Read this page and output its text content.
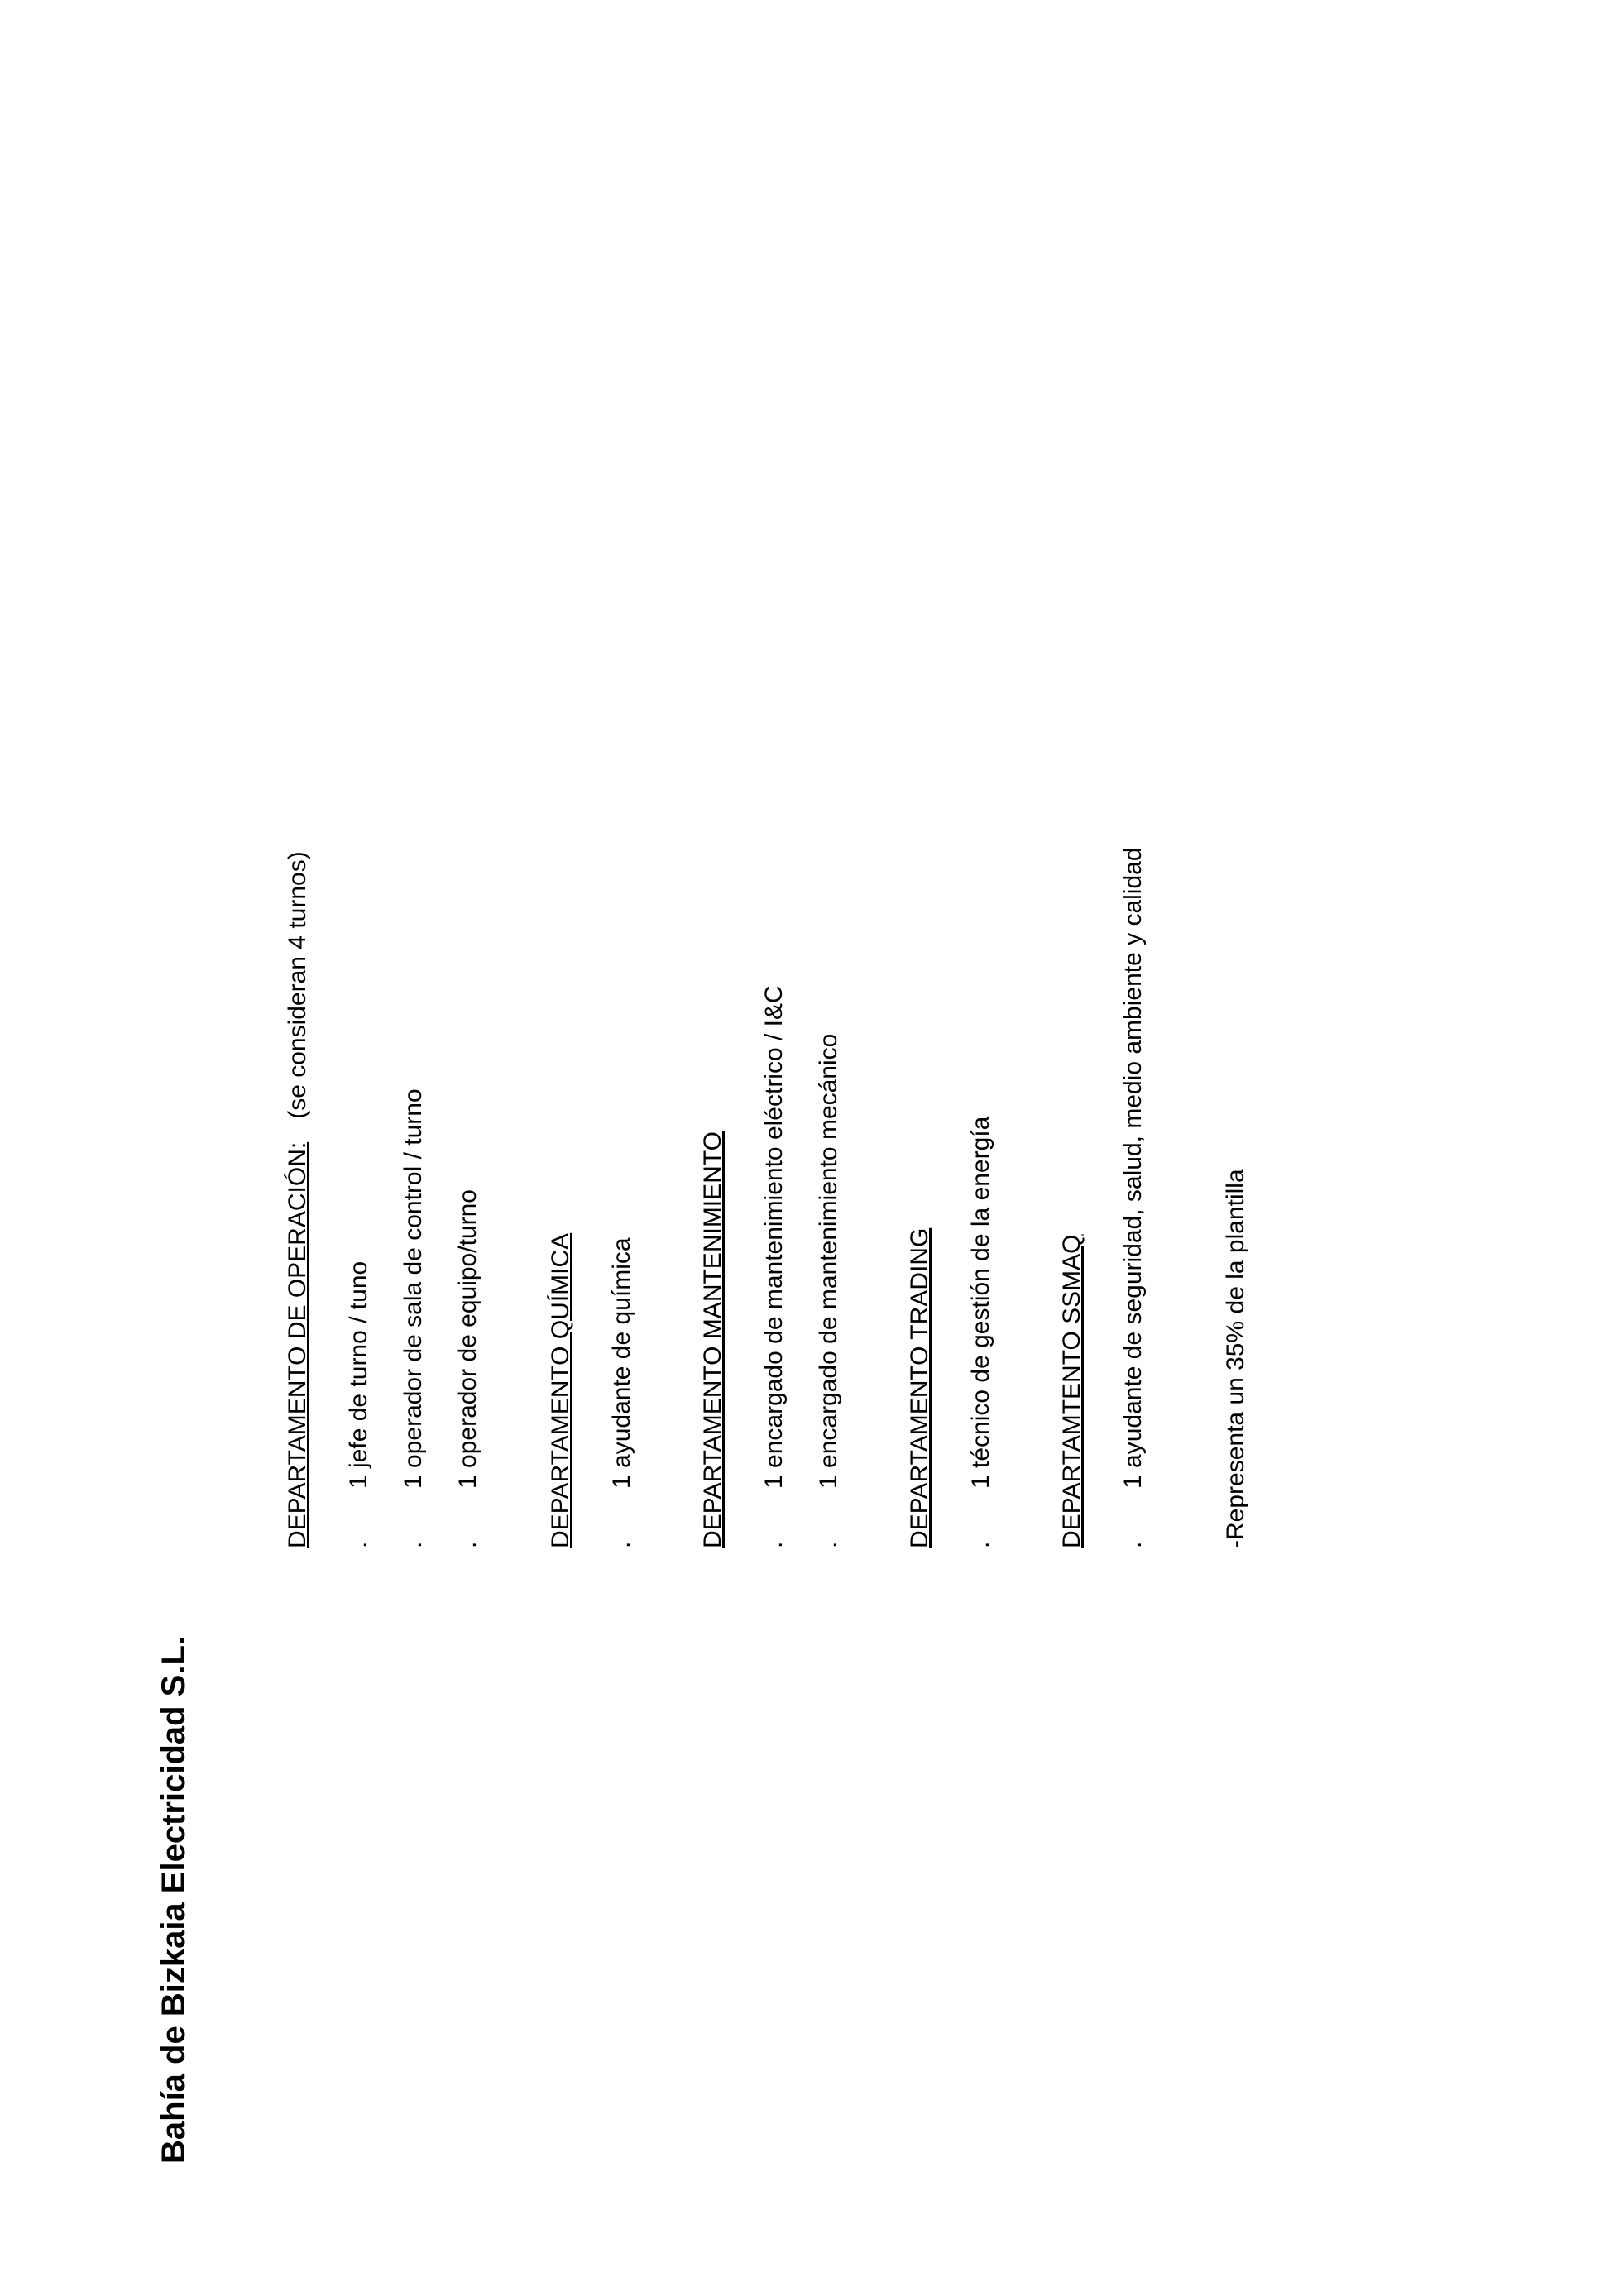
Bahía de Bizkaia Electricidad S.L.
DEPARTAMENTO DE OPERACIÓN:
(se consideran 4 turnos)
.
1 jefe de turno / tuno
.
1 operador de sala de control / turno
.
1 operador de equipo/turno	DEPARTAMENTO QUÍMICA .
1 ayudante de química	DEPARTAMENTO MANTENIMIENTO .
1 encargado de mantenimiento eléctrico / I&C
.
1 encargado de mantenimiento mecánico	DEPARTAMENTO TRADING .
1 técnico de gestión de la energía	DEPARTAMTENTO SSMAQ .
1 ayudante de seguridad, salud, medio ambiente y calidad	-Representa un 35% de la plantilla
